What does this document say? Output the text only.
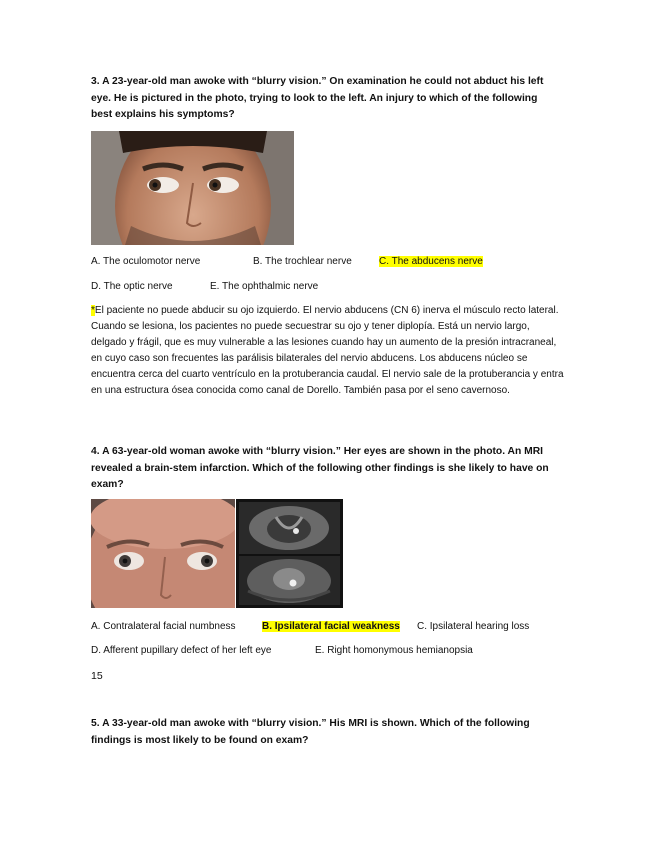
3. A 23-year-old man awoke with “blurry vision.” On examination he could not abduct his left eye. He is pictured in the photo, trying to look to the left. An injury to which of the following best explains his symptoms?
A. The oculomotor nerve	B. The trochlear nerve	C. The abducens nerve
D. The optic nerve	E. The ophthalmic nerve
*El paciente no puede abducir su ojo izquierdo. El nervio abducens (CN 6) inerva el músculo recto lateral. Cuando se lesiona, los pacientes no puede secuestrar su ojo y tener diplopía. Está un nervio largo, delgado y frágil, que es muy vulnerable a las lesiones cuando hay un aumento de la presión intracraneal, en cuyo caso son frecuentes las parálisis bilaterales del nervio abducens. Los abducens núcleo se encuentra cerca del cuarto ventrículo en la protuberancia caudal. El nervio sale de la protuberancia y entra en una estructura ósea conocida como canal de Dorello. También pasa por el seno cavernoso.
4. A 63-year-old woman awoke with “blurry vision.” Her eyes are shown in the photo. An MRI revealed a brain-stem infarction. Which of the following other findings is she likely to have on exam?
A. Contralateral facial numbness	B. Ipsilateral facial weakness C. Ipsilateral hearing loss
D. Afferent pupillary defect of her left eye	E. Right homonymous hemianopsia
15
5. A 33-year-old man awoke with “blurry vision.” His MRI is shown. Which of the following findings is most likely to be found on exam?
